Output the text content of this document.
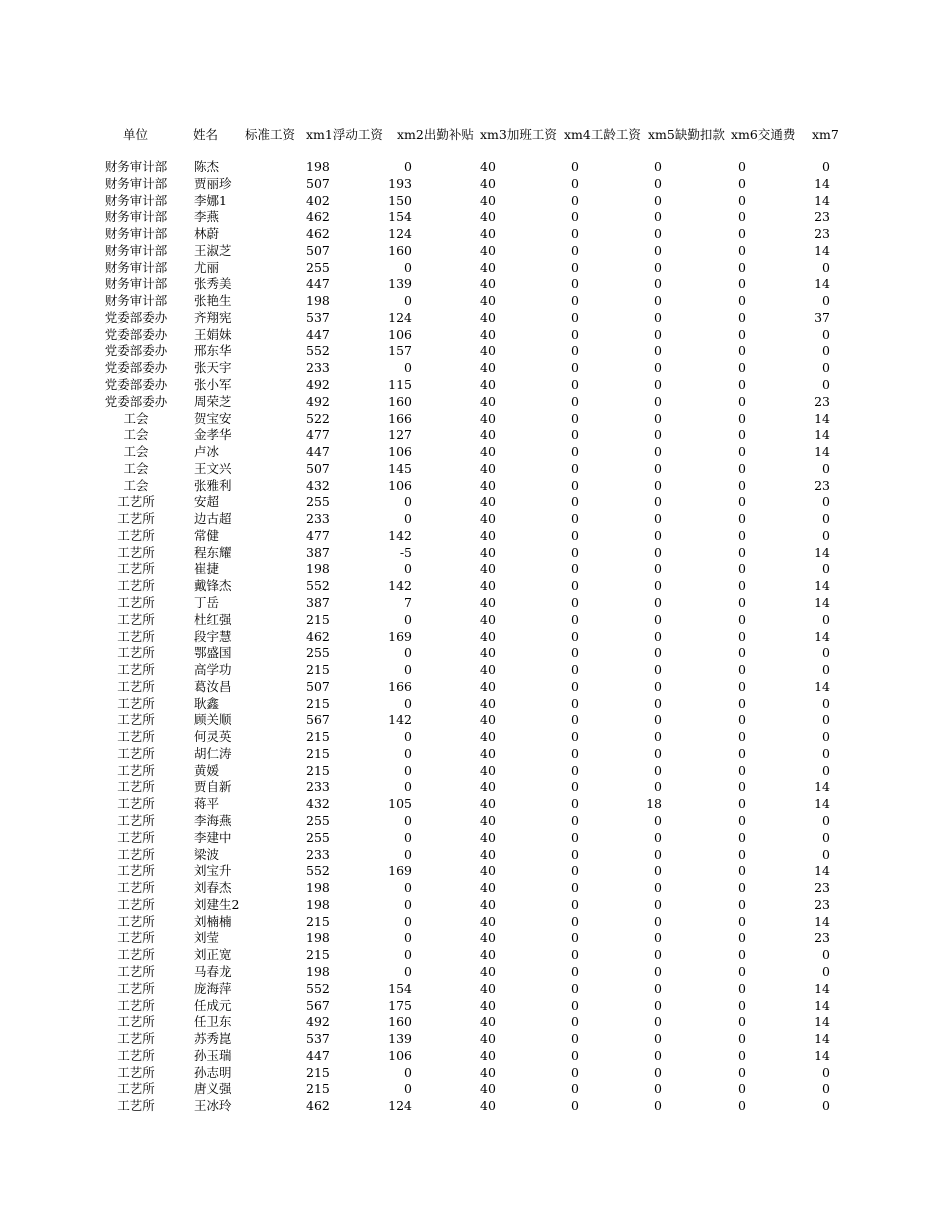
单位	姓名 标准工资 xm1浮动工资 xm2出勤补贴 xm3加班工资 xm4工龄工资 xm5缺勤扣款 xm6交通费 xm7
财务审计部	陈杰	198	0	40	0	0	0	0
财务审计部	贾丽珍	507	193	40	0	0	0	14
财务审计部	李娜1	402	150	40	0	0	0	14
财务审计部	李燕	462	154	40	0	0	0	23
财务审计部	林蔚	462	124	40	0	0	0	23
财务审计部	王淑芝	507	160	40	0	0	0	14
财务审计部	尤丽	255	0	40	0	0	0	0
财务审计部	张秀美	447	139	40	0	0	0	14
财务审计部	张艳生	198	0	40	0	0	0	0
党委部委办	齐翔宪	537	124	40	0	0	0	37
党委部委办	王娟妹	447	106	40	0	0	0	0
党委部委办	邢东华	552	157	40	0	0	0	0
党委部委办	张天宇	233	0	40	0	0	0	0
党委部委办	张小军	492	115	40	0	0	0	0
党委部委办	周荣芝	492	160	40	0	0	0	23
工会	贺宝安	522	166	40	0	0	0	14
工会	金孝华	477	127	40	0	0	0	14
工会	卢冰	447	106	40	0	0	0	14
工会	王文兴	507	145	40	0	0	0	0
工会	张雅利	432	106	40	0	0	0	23
工艺所	安超	255	0	40	0	0	0	0
工艺所	边古超	233	0	40	0	0	0	0
工艺所	常健	477	142	40	0	0	0	0
工艺所	程东耀	387	-5	40	0	0	0	14
工艺所	崔捷	198	0	40	0	0	0	0
工艺所	戴锋杰	552	142	40	0	0	0	14
工艺所	丁岳	387	7	40	0	0	0	14
工艺所	杜红强	215	0	40	0	0	0	0
工艺所	段宇慧	462	169	40	0	0	0	14
工艺所	鄂盛国	255	0	40	0	0	0	0
工艺所	高学功	215	0	40	0	0	0	0
工艺所	葛汝昌	507	166	40	0	0	0	14
工艺所	耿鑫	215	0	40	0	0	0	0
工艺所	顾关顺	567	142	40	0	0	0	0
工艺所	何灵英	215	0	40	0	0	0	0
工艺所	胡仁涛	215	0	40	0	0	0	0
工艺所	黄媛	215	0	40	0	0	0	0
工艺所	贾自新	233	0	40	0	0	0	14
工艺所	蒋平	432	105	40	0	18	0	14
工艺所	李海燕	255	0	40	0	0	0	0
工艺所	李建中	255	0	40	0	0	0	0
工艺所	梁波	233	0	40	0	0	0	0
工艺所	刘宝升	552	169	40	0	0	0	14
工艺所	刘春杰	198	0	40	0	0	0	23
工艺所	刘建生2	198	0	40	0	0	0	23
工艺所	刘楠楠	215	0	40	0	0	0	14
工艺所	刘莹	198	0	40	0	0	0	23
工艺所	刘正宽	215	0	40	0	0	0	0
工艺所	马春龙	198	0	40	0	0	0	0
工艺所	庞海萍	552	154	40	0	0	0	14
工艺所	任成元	567	175	40	0	0	0	14
工艺所	任卫东	492	160	40	0	0	0	14
工艺所	苏秀崑	537	139	40	0	0	0	14
工艺所	孙玉瑞	447	106	40	0	0	0	14
工艺所	孙志明	215	0	40	0	0	0	0
工艺所	唐义强	215	0	40	0	0	0	0
工艺所	王冰玲	462	124	40	0	0	0	0
